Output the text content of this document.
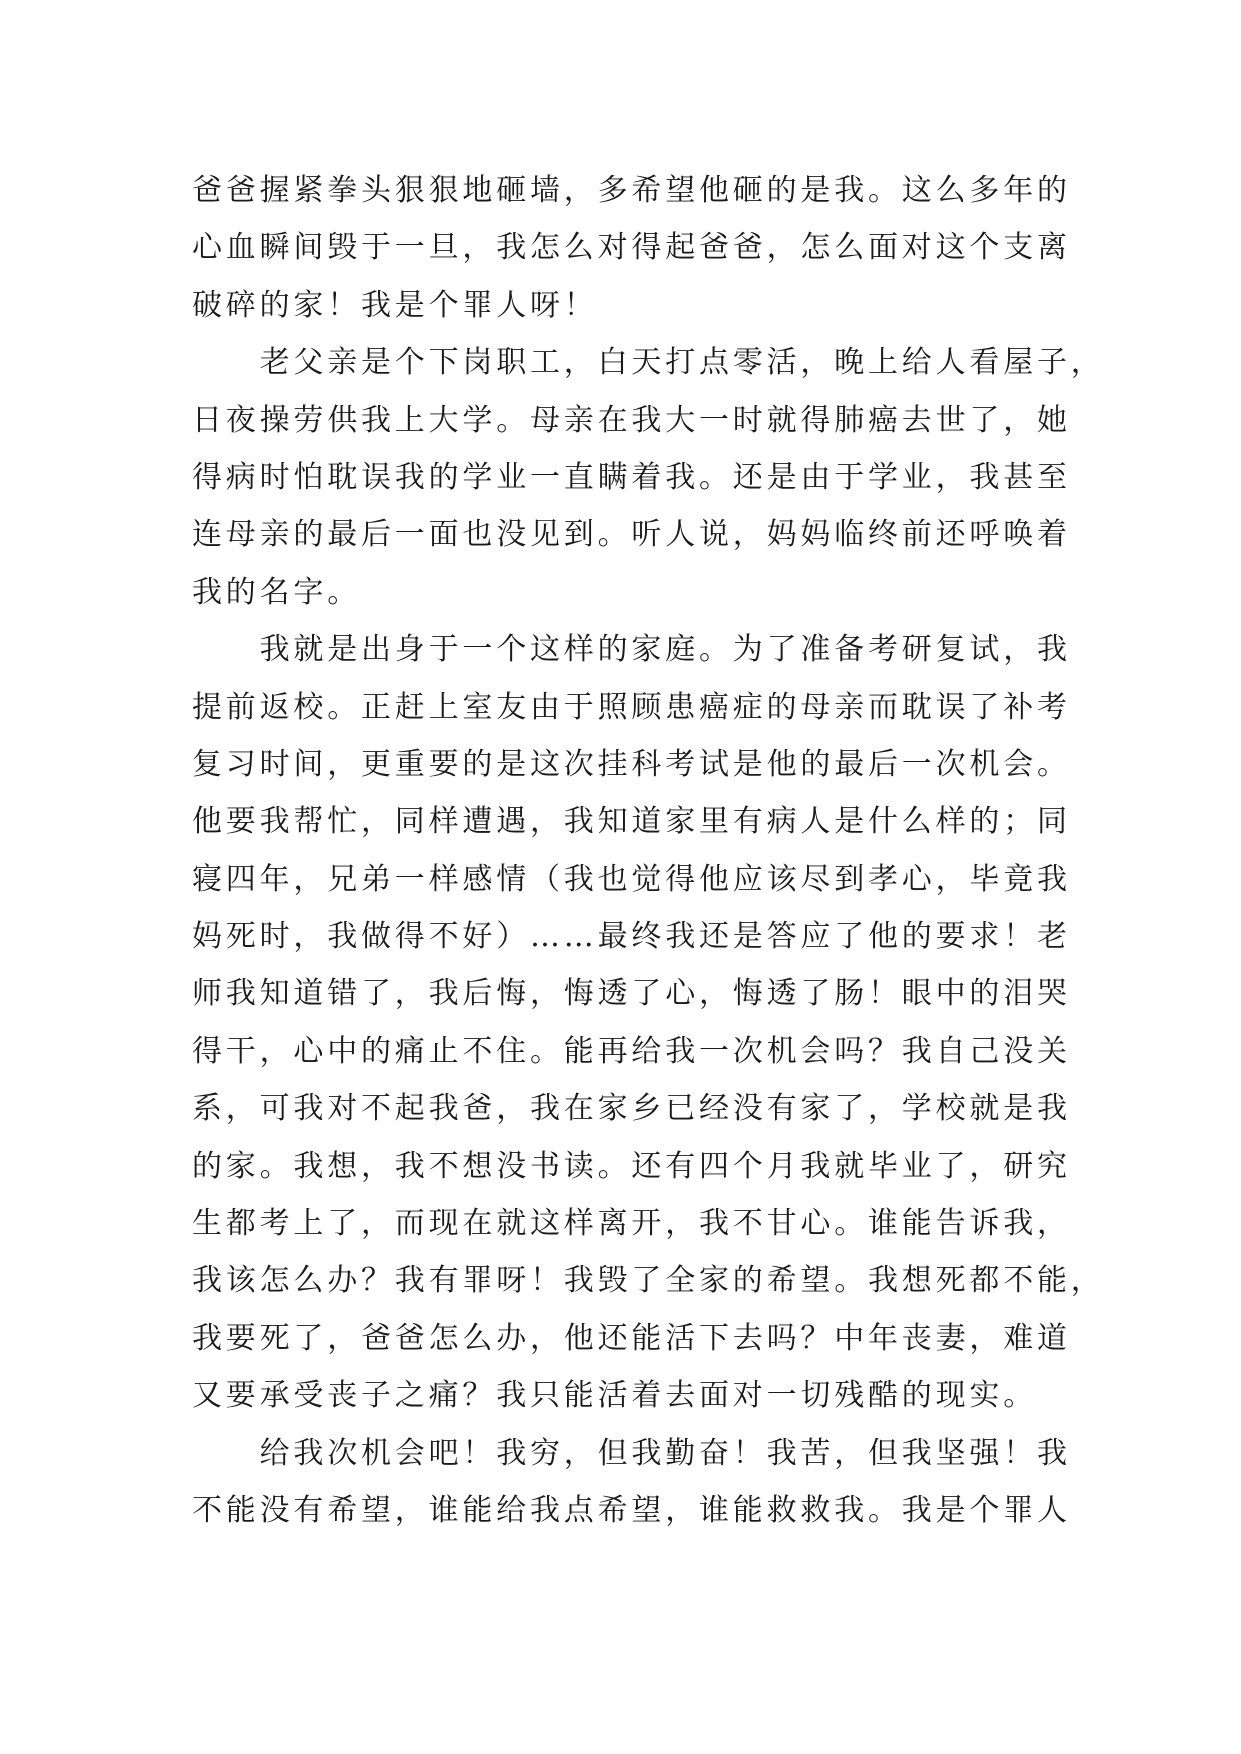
爸爸握紧拳头狠狠地砸墙，多希望他砸的是我。这么多年的
心血瞬间毁于一旦，我怎么对得起爸爸，怎么面对这个支离
破碎的家！我是个罪人呀！
　　老父亲是个下岗职工，白天打点零活，晚上给人看屋子，
日夜操劳供我上大学。母亲在我大一时就得肺癌去世了，她
得病时怕耽误我的学业一直瞒着我。还是由于学业，我甚至
连母亲的最后一面也没见到。听人说，妈妈临终前还呼唤着
我的名字。
　　我就是出身于一个这样的家庭。为了准备考研复试，我
提前返校。正赶上室友由于照顾患癌症的母亲而耽误了补考
复习时间，更重要的是这次挂科考试是他的最后一次机会。
他要我帮忙，同样遭遇，我知道家里有病人是什么样的；同
寝四年，兄弟一样感情（我也觉得他应该尽到孝心，毕竟我
妈死时，我做得不好）……最终我还是答应了他的要求！老
师我知道错了，我后悔，悔透了心，悔透了肠！眼中的泪哭
得干，心中的痛止不住。能再给我一次机会吗？我自己没关
系，可我对不起我爸，我在家乡已经没有家了，学校就是我
的家。我想，我不想没书读。还有四个月我就毕业了，研究
生都考上了，而现在就这样离开，我不甘心。谁能告诉我，
我该怎么办？我有罪呀！我毁了全家的希望。我想死都不能，
我要死了，爸爸怎么办，他还能活下去吗？中年丧妻，难道
又要承受丧子之痛？我只能活着去面对一切残酷的现实。
　　给我次机会吧！我穷，但我勤奋！我苦，但我坚强！我
不能没有希望，谁能给我点希望，谁能救救我。我是个罪人
